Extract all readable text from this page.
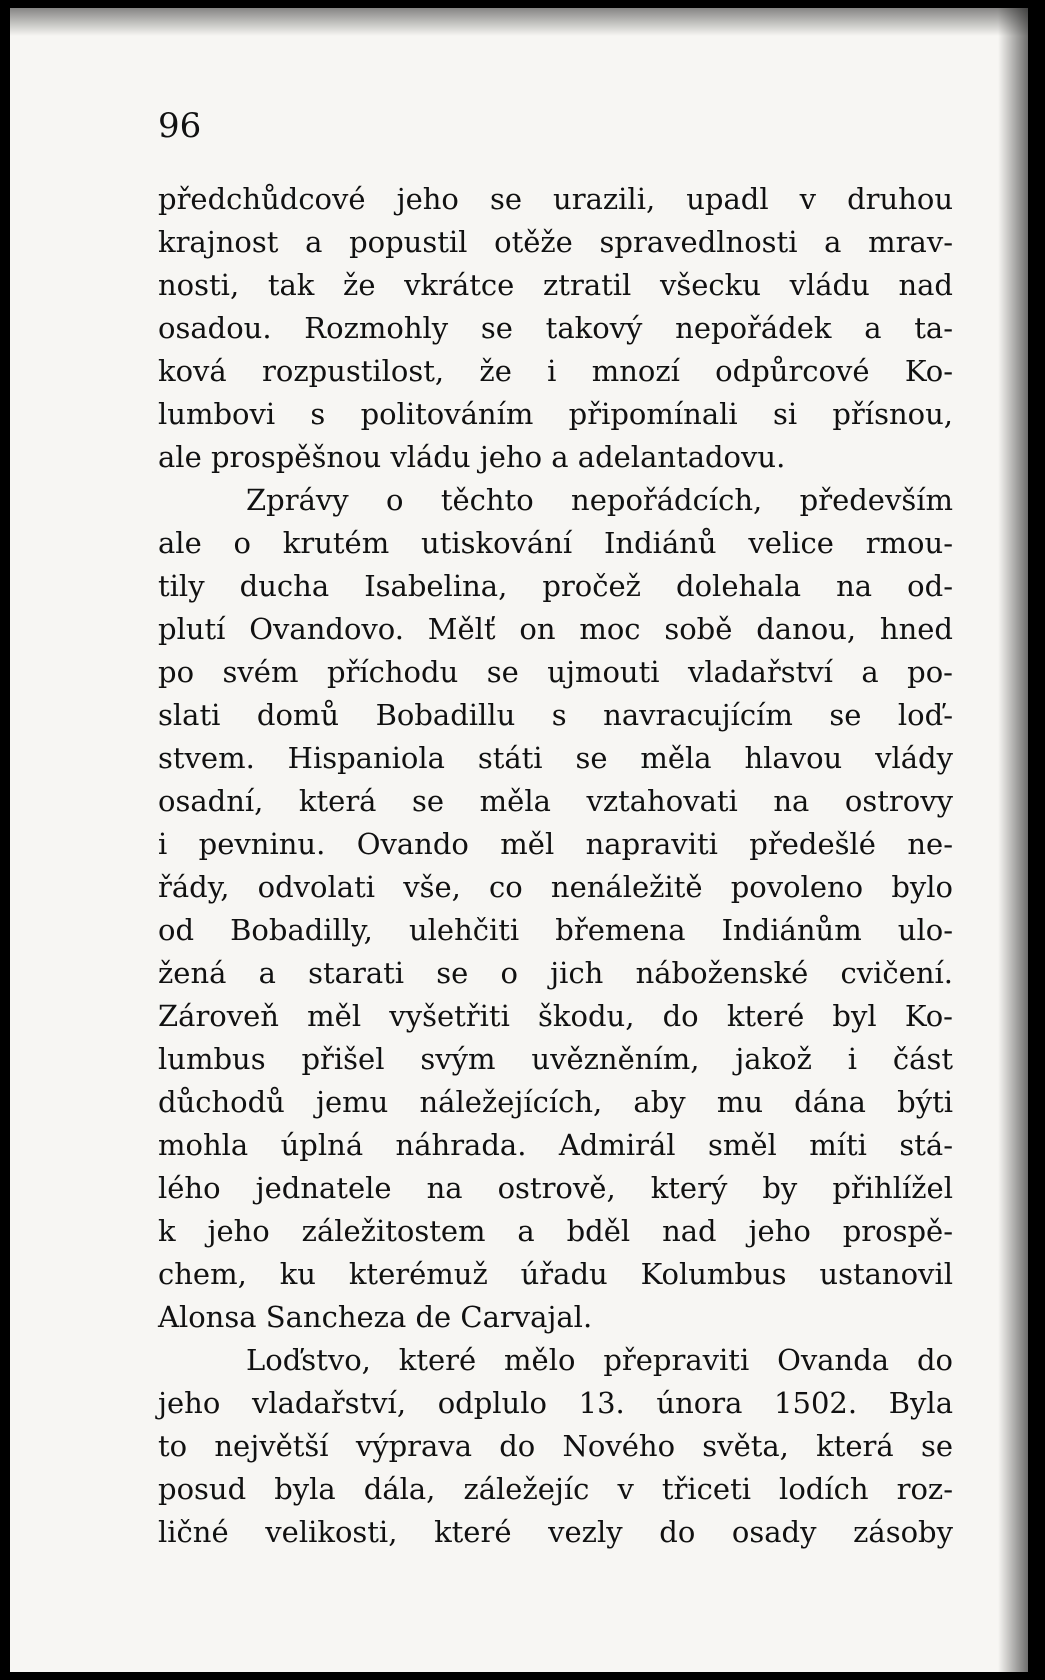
96
předchůdcové jeho se urazili, upadl v druhou
krajnost a popustil otěže spravedlnosti a mrav-
nosti, tak že vkrátce ztratil všecku vládu nad
osadou. Rozmohly se takový nepořádek a ta-
ková rozpustilost, že i mnozí odpůrcové Ko-
lumbovi s politováním připomínali si přísnou,
ale prospěšnou vládu jeho a adelantadovu.
Zprávy o těchto nepořádcích, především
ale o krutém utiskování Indiánů velice rmou-
tily ducha Isabelina, pročež dolehala na od-
plutí Ovandovo. Mělť on moc sobě danou, hned
po svém příchodu se ujmouti vladařství a po-
slati domů Bobadillu s navracujícím se loď-
stvem. Hispaniola státi se měla hlavou vlády
osadní, která se měla vztahovati na ostrovy
i pevninu. Ovando měl napraviti předešlé ne-
řády, odvolati vše, co nenáležitě povoleno bylo
od Bobadilly, ulehčiti břemena Indiánům ulo-
žená a starati se o jich náboženské cvičení.
Zároveň měl vyšetřiti škodu, do které byl Ko-
lumbus přišel svým uvězněním, jakož i část
důchodů jemu náležejících, aby mu dána býti
mohla úplná náhrada. Admirál směl míti stá-
lého jednatele na ostrově, který by přihlížel
k jeho záležitostem a bděl nad jeho prospě-
chem, ku kterémuž úřadu Kolumbus ustanovil
Alonsa Sancheza de Carvajal.
Loďstvo, které mělo přepraviti Ovanda do
jeho vladařství, odplulo 13. února 1502. Byla
to největší výprava do Nového světa, která se
posud byla dála, záležejíc v třiceti lodích roz-
ličné velikosti, které vezly do osady zásoby
